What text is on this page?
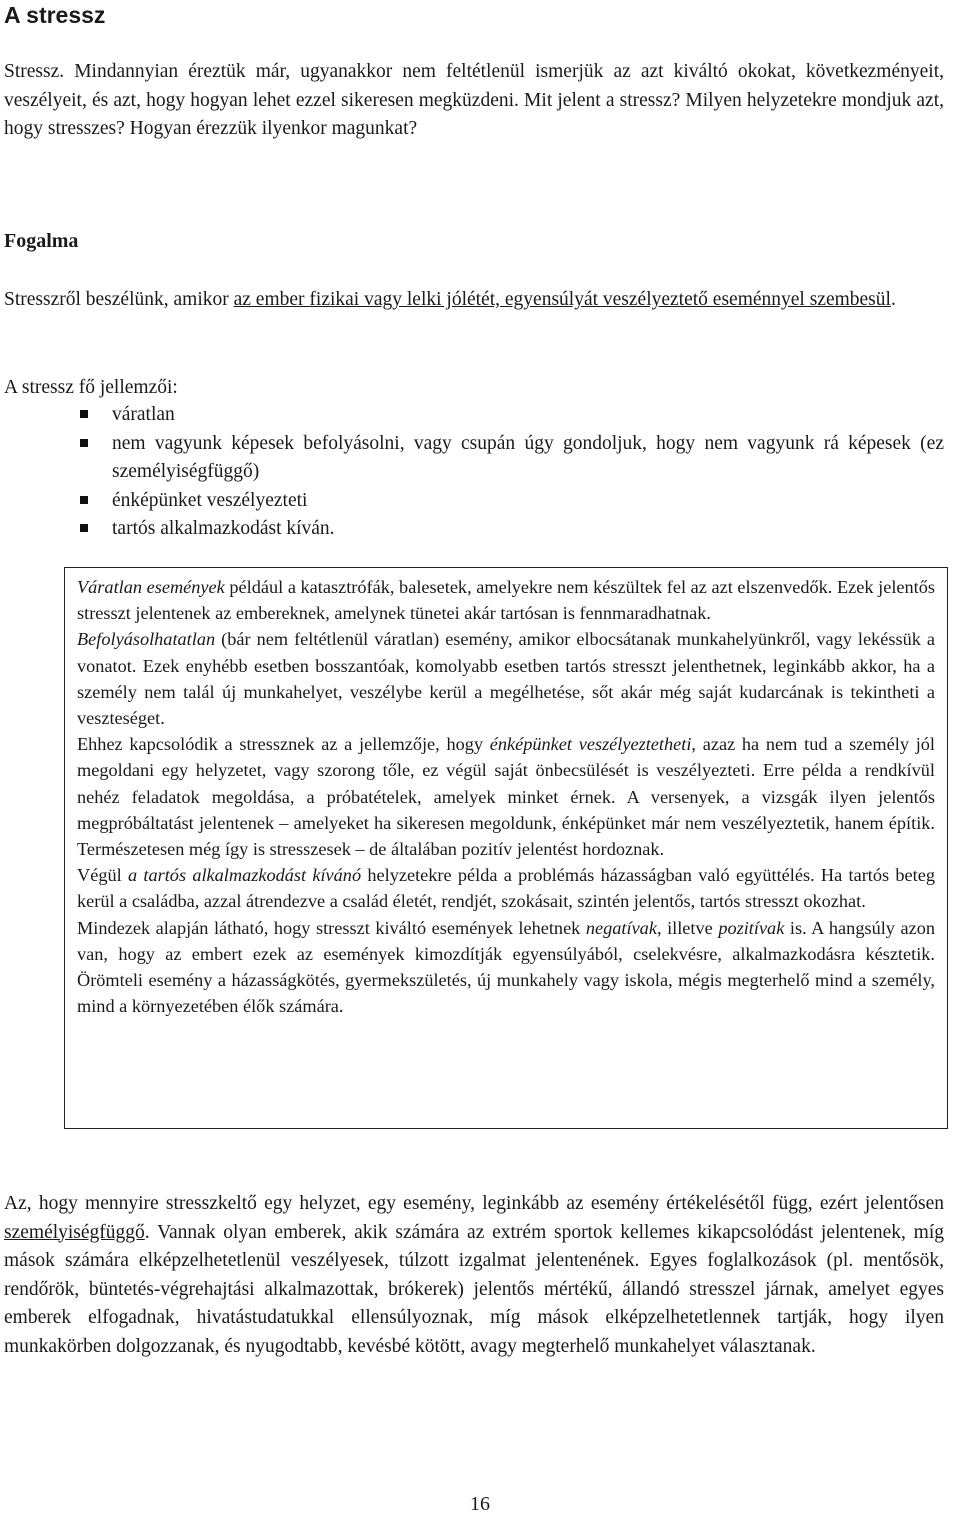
A stressz

Stressz. Mindannyian éreztük már, ugyanakkor nem feltétlenül ismerjük az azt kiváltó okokat, következményeit, veszélyeit, és azt, hogy hogyan lehet ezzel sikeresen megküzdeni. Mit jelent a stressz? Milyen helyzetekre mondjuk azt, hogy stresszes? Hogyan érezzük ilyenkor magunkat?

Fogalma

Stresszről beszélünk, amikor az ember fizikai vagy lelki jólétét, egyensúlyát veszélyeztető eseménnyel szembesül.

A stressz fő jellemzői:

váratlan
nem vagyunk képesek befolyásolni, vagy csupán úgy gondoljuk, hogy nem vagyunk rá képesek (ez személyiségfüggő)
énképünket veszélyezteti
tartós alkalmazkodást kíván.

Váratlan események például a katasztrófák, balesetek, amelyekre nem készültek fel az azt elszenvedők. Ezek jelentős stresszt jelentenek az embereknek, amelynek tünetei akár tartósan is fennmaradhatnak.

Befolyásolhatatlan (bár nem feltétlenül váratlan) esemény, amikor elbocsátanak munkahelyünkről, vagy lekéssük a vonatot. Ezek enyhébb esetben bosszantóak, komolyabb esetben tartós stresszt jelenthetnek, leginkább akkor, ha a személy nem talál új munkahelyet, veszélybe kerül a megélhetése, sőt akár még saját kudarcának is tekintheti a veszteséget.

Ehhez kapcsolódik a stressznek az a jellemzője, hogy énképünket veszélyeztetheti, azaz ha nem tud a személy jól megoldani egy helyzetet, vagy szorong tőle, ez végül saját önbecsülését is veszélyezteti. Erre példa a rendkívül nehéz feladatok megoldása, a próbatételek, amelyek minket érnek. A versenyek, a vizsgák ilyen jelentős megpróbáltatást jelentenek – amelyeket ha sikeresen megoldunk, énképünket már nem veszélyeztetik, hanem építik. Természetesen még így is stresszesek – de általában pozitív jelentést hordoznak.

Végül a tartós alkalmazkodást kívánó helyzetekre példa a problémás házasságban való együttélés. Ha tartós beteg kerül a családba, azzal átrendezve a család életét, rendjét, szokásait, szintén jelentős, tartós stresszt okozhat.

Mindezek alapján látható, hogy stresszt kiváltó események lehetnek negatívak, illetve pozitívak is. A hangsúly azon van, hogy az embert ezek az események kimozdítják egyensúlyából, cselekvésre, alkalmazkodásra késztetik. Örömteli esemény a házasságkötés, gyermekszületés, új munkahely vagy iskola, mégis megterhelő mind a személy, mind a környezetében élők számára.

Az, hogy mennyire stresszkeltő egy helyzet, egy esemény, leginkább az esemény értékelésétől függ, ezért jelentősen személyiségfüggő. Vannak olyan emberek, akik számára az extrém sportok kellemes kikapcsolódást jelentenek, míg mások számára elképzelhetetlenül veszélyesek, túlzott izgalmat jelentenének. Egyes foglalkozások (pl. mentősök, rendőrök, büntetés-végrehajtási alkalmazottak, brókerek) jelentős mértékű, állandó stresszel járnak, amelyet egyes emberek elfogadnak, hivatástudatukkal ellensúlyoznak, míg mások elképzelhetetlennek tartják, hogy ilyen munkakörben dolgozzanak, és nyugodtabb, kevésbé kötött, avagy megterhelő munkahelyet választanak.

16
